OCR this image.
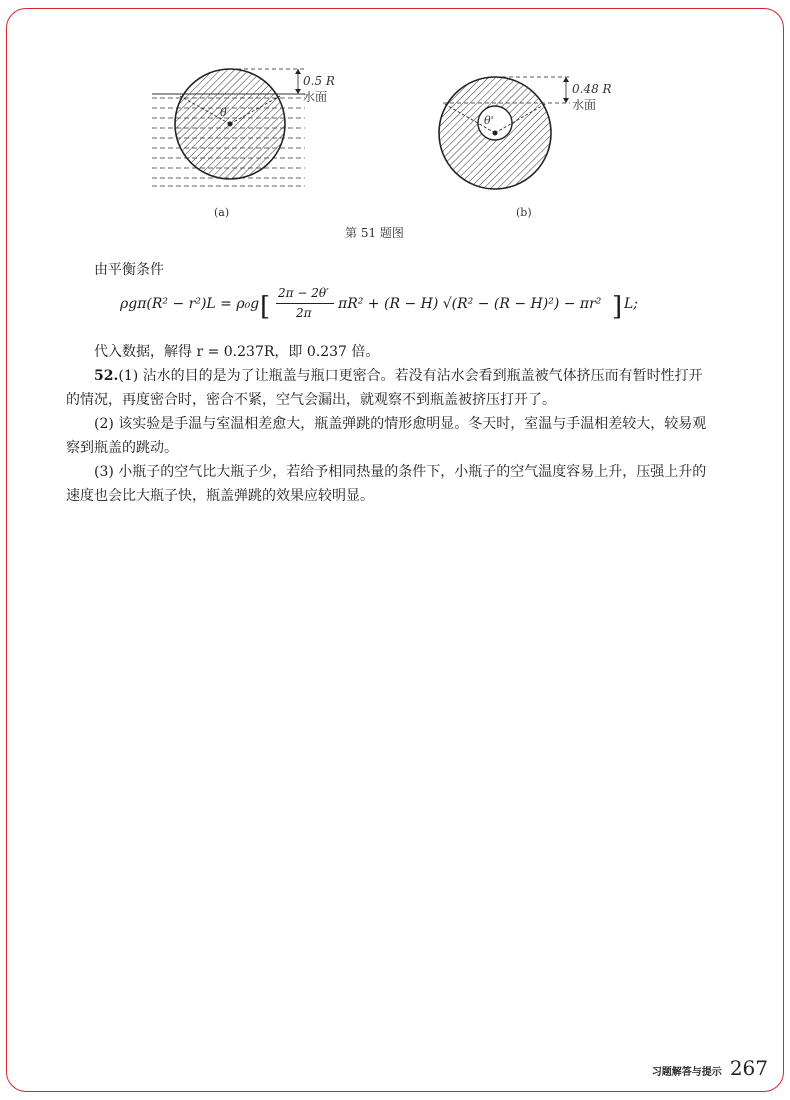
0.5 R
水面
θ
0.48 R
水面
θ'
(a)	(b)
第 51 题图

由平衡条件

ρgπ(R² − r²)L = ρ₀g [ 2π − 2θ′
2π
πR² + (R − H) √(R² − (R − H)²) − πr² ] L;

代入数据，解得 r = 0.237R，即 0.237 倍。

52.(1) 沾水的目的是为了让瓶盖与瓶口更密合。若没有沾水会看到瓶盖被气体挤压而有暂时性打开的情况，再度密合时，密合不紧，空气会漏出，就观察不到瓶盖被挤压打开了。

(2) 该实验是手温与室温相差愈大，瓶盖弹跳的情形愈明显。冬天时，室温与手温相差较大，较易观察到瓶盖的跳动。

(3) 小瓶子的空气比大瓶子少，若给予相同热量的条件下，小瓶子的空气温度容易上升，压强上升的速度也会比大瓶子快，瓶盖弹跳的效果应较明显。

习题解答与提示 267
